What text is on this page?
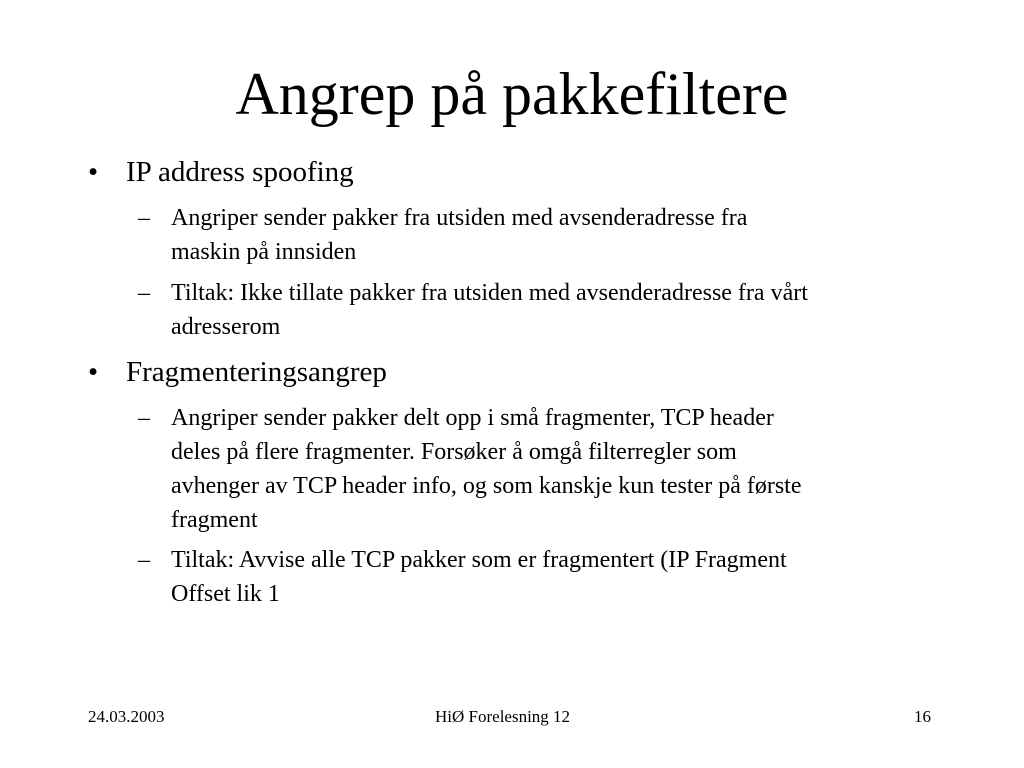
Angrep på pakkefiltere
• IP address spoofing
– Angriper sender pakker fra utsiden med avsenderadresse fra
maskin på innsiden
– Tiltak: Ikke tillate pakker fra utsiden med avsenderadresse fra vårt
adresserom
• Fragmenteringsangrep
– Angriper sender pakker delt opp i små fragmenter, TCP header
deles på flere fragmenter. Forsøker å omgå filterregler som
avhenger av TCP header info, og som kanskje kun tester på første
fragment
– Tiltak: Avvise alle TCP pakker som er fragmentert (IP Fragment
Offset lik 1
24.03.2003	HiØ Forelesning 12	16
